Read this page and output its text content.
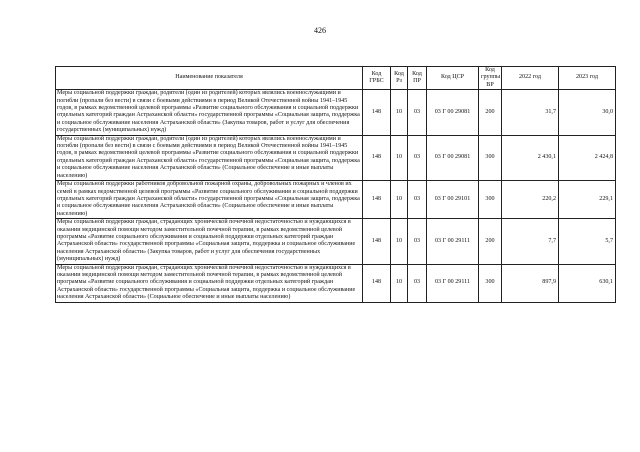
426
Наименование показателя	Код ГРБС	Код Рз	Код ПР	Код ЦСР	Код группы ВР	2022 год	2023 год
Меры социальной поддержки граждан, родители (один из родителей) которых являлись военнослужащими и погибли (пропали без вести) в связи с боевыми действиями в период Великой Отечественной войны 1941–1945 годов, в рамках ведомственной целевой программы «Развитие социального обслуживания и социальной поддержки отдельных категорий граждан Астраханской области» государственной программы «Социальная защита, поддержка и социальное обслуживание населения Астраханской области» (Закупка товаров, работ и услуг для обеспечения государственных (муниципальных) нужд)	148	10	03	03 Г 00 29081	200	31,7	30,0
Меры социальной поддержки граждан, родители (один из родителей) которых являлись военнослужащими и погибли (пропали без вести) в связи с боевыми действиями в период Великой Отечественной войны 1941–1945 годов, в рамках ведомственной целевой программы «Развитие социального обслуживания и социальной поддержки отдельных категорий граждан Астраханской области» государственной программы «Социальная защита, поддержка и социальное обслуживание населения Астраханской области» (Социальное обеспечение и иные выплаты населению)	148	10	03	03 Г 00 29081	300	2 430,1	2 424,8
Меры социальной поддержки работников добровольной пожарной охраны, добровольных пожарных и членов их семей в рамках ведомственной целевой программы «Развитие социального обслуживания и социальной поддержки отдельных категорий граждан Астраханской области» государственной программы «Социальная защита, поддержка и социальное обслуживание населения Астраханской области» (Социальное обеспечение и иные выплаты населению)	148	10	03	03 Г 00 29101	300	220,2	229,1
Меры социальной поддержки граждан, страдающих хронической почечной недостаточностью и нуждающихся в оказании медицинской помощи методом заместительной почечной терапии, в рамках ведомственной целевой программы «Развитие социального обслуживания и социальной поддержки отдельных категорий граждан Астраханской области» государственной программы «Социальная защита, поддержка и социальное обслуживание населения Астраханской области» (Закупка товаров, работ и услуг для обеспечения государственных (муниципальных) нужд)	148	10	03	03 Г 00 29111	200	7,7	5,7
Меры социальной поддержки граждан, страдающих хронической почечной недостаточностью и нуждающихся в оказании медицинской помощи методом заместительной почечной терапии, в рамках ведомственной целевой программы «Развитие социального обслуживания и социальной поддержки отдельных категорий граждан Астраханской области» государственной программы «Социальная защита, поддержка и социальное обслуживание населения Астраханской области» (Социальное обеспечение и иные выплаты населению)	148	10	03	03 Г 00 29111	300	897,9	630,1
